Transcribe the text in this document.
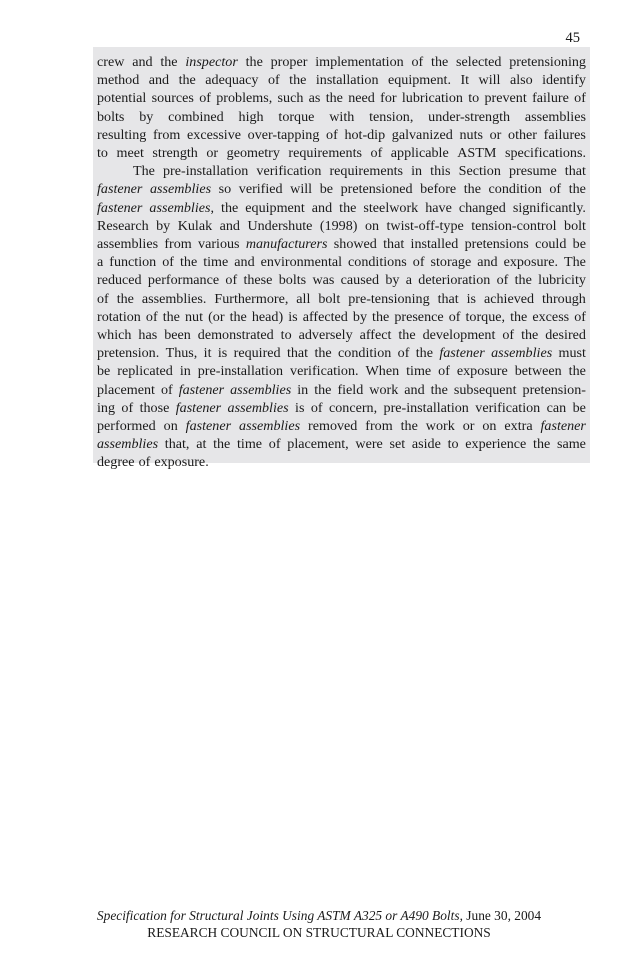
45
crew and the inspector the proper implementation of the selected pretensioning
method and the adequacy of the installation equipment. It will also identify
potential sources of problems, such as the need for lubrication to prevent failure of
bolts by combined high torque with tension, under-strength assemblies
resulting from excessive over-tapping of hot-dip galvanized nuts or other failures
to meet strength or geometry requirements of applicable ASTM specifications.
The pre-installation verification requirements in this Section presume that
fastener assemblies so verified will be pretensioned before the condition of the
fastener assemblies, the equipment and the steelwork have changed significantly.
Research by Kulak and Undershute (1998) on twist-off-type tension-control bolt
assemblies from various manufacturers showed that installed pretensions could be
a function of the time and environmental conditions of storage and exposure. The
reduced performance of these bolts was caused by a deterioration of the lubricity
of the assemblies. Furthermore, all bolt pre-tensioning that is achieved through
rotation of the nut (or the head) is affected by the presence of torque, the excess of
which has been demonstrated to adversely affect the development of the desired
pretension. Thus, it is required that the condition of the fastener assemblies must
be replicated in pre-installation verification. When time of exposure between the
placement of fastener assemblies in the field work and the subsequent pretension-
ing of those fastener assemblies is of concern, pre-installation verification can be
performed on fastener assemblies removed from the work or on extra fastener
assemblies that, at the time of placement, were set aside to experience the same
degree of exposure.
Specification for Structural Joints Using ASTM A325 or A490 Bolts, June 30, 2004
RESEARCH COUNCIL ON STRUCTURAL CONNECTIONS
